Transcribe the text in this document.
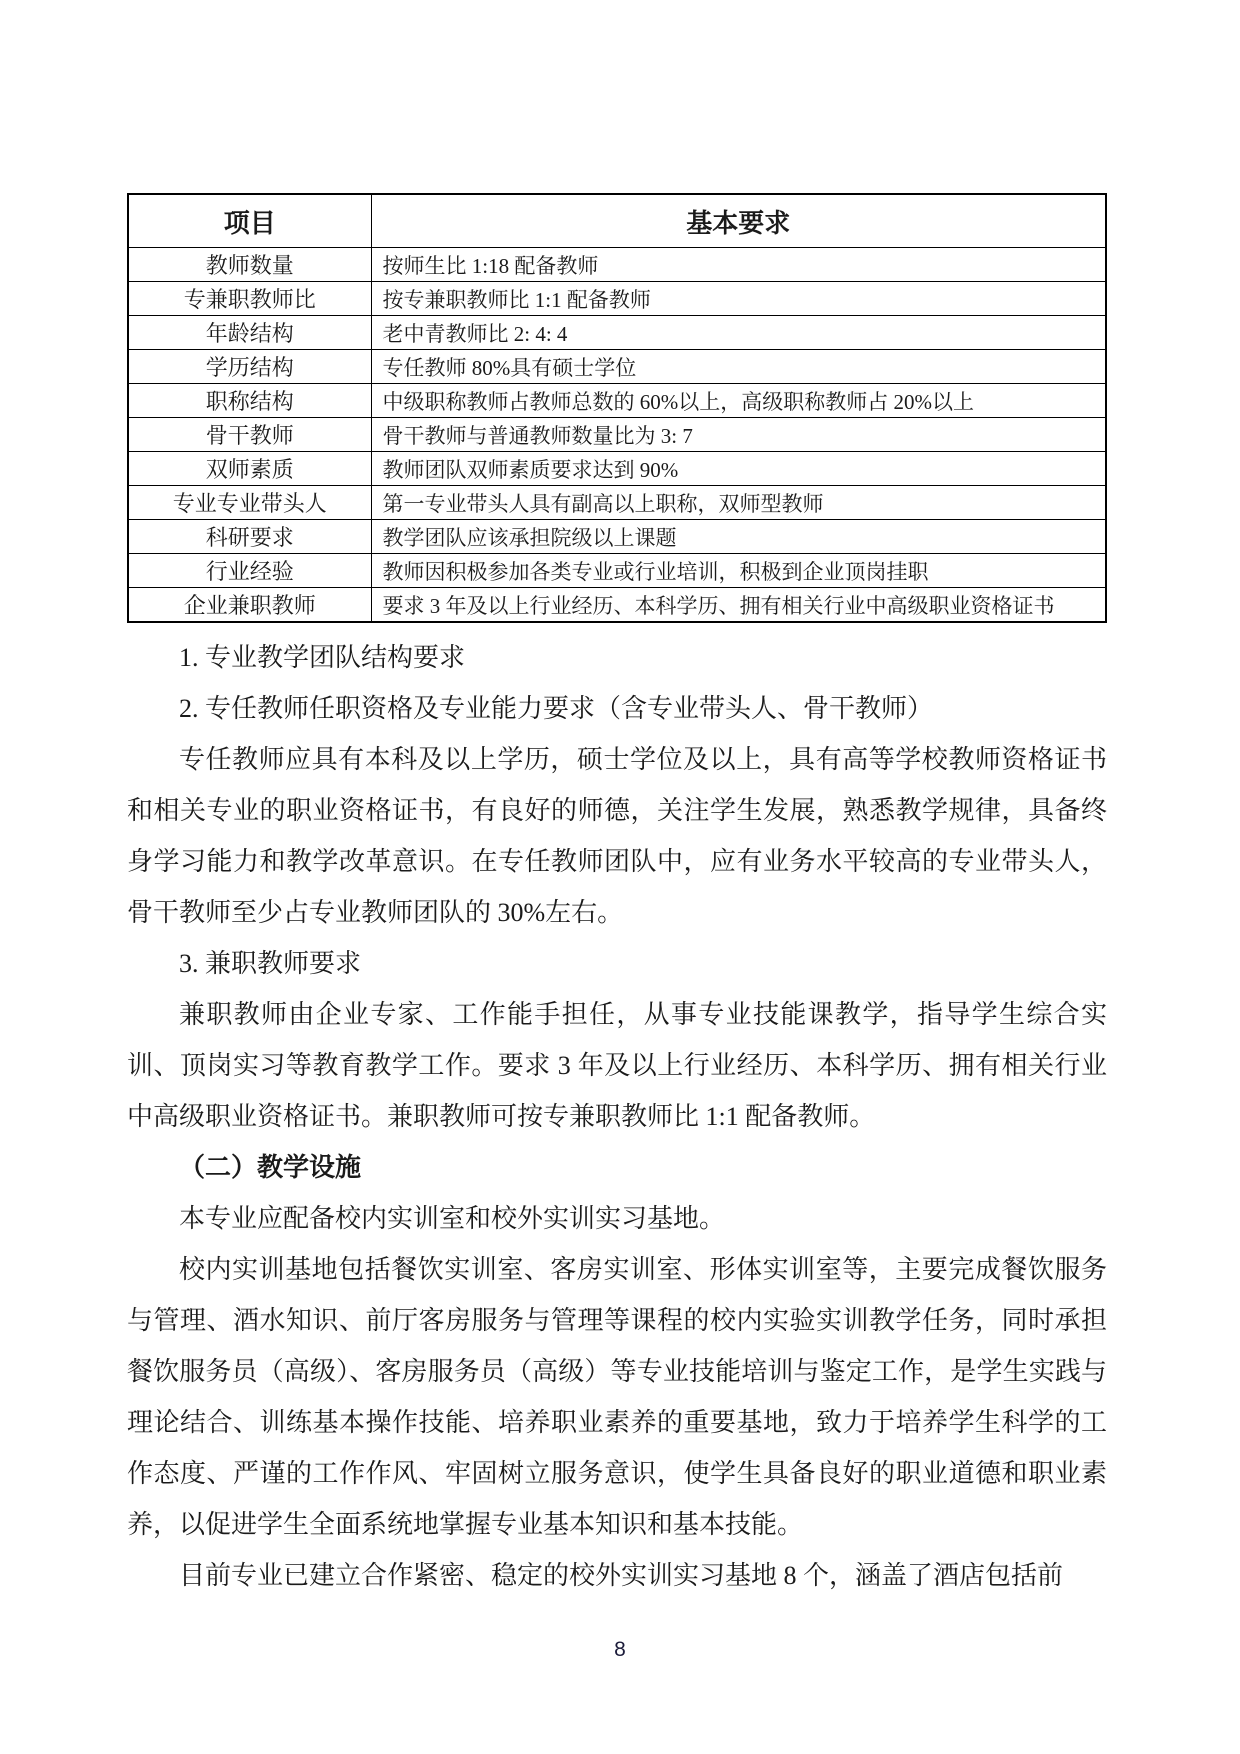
项目	基本要求
教师数量	按师生比 1:18 配备教师
专兼职教师比	按专兼职教师比 1:1 配备教师
年龄结构	老中青教师比 2: 4: 4
学历结构	专任教师 80%具有硕士学位
职称结构	中级职称教师占教师总数的 60%以上，高级职称教师占 20%以上
骨干教师	骨干教师与普通教师数量比为 3: 7
双师素质	教师团队双师素质要求达到 90%
专业专业带头人	第一专业带头人具有副高以上职称，双师型教师
科研要求	教学团队应该承担院级以上课题
行业经验	教师因积极参加各类专业或行业培训，积极到企业顶岗挂职
企业兼职教师	要求 3 年及以上行业经历、本科学历、拥有相关行业中高级职业资格证书

1. 专业教学团队结构要求

2. 专任教师任职资格及专业能力要求（含专业带头人、骨干教师）

专任教师应具有本科及以上学历，硕士学位及以上，具有高等学校教师资格证书和相关专业的职业资格证书，有良好的师德，关注学生发展，熟悉教学规律，具备终身学习能力和教学改革意识。在专任教师团队中，应有业务水平较高的专业带头人，骨干教师至少占专业教师团队的 30%左右。

3. 兼职教师要求

兼职教师由企业专家、工作能手担任，从事专业技能课教学，指导学生综合实训、顶岗实习等教育教学工作。要求 3 年及以上行业经历、本科学历、拥有相关行业中高级职业资格证书。兼职教师可按专兼职教师比 1:1 配备教师。

（二）教学设施

本专业应配备校内实训室和校外实训实习基地。

校内实训基地包括餐饮实训室、客房实训室、形体实训室等，主要完成餐饮服务与管理、酒水知识、前厅客房服务与管理等课程的校内实验实训教学任务，同时承担餐饮服务员（高级）、客房服务员（高级）等专业技能培训与鉴定工作，是学生实践与理论结合、训练基本操作技能、培养职业素养的重要基地，致力于培养学生科学的工作态度、严谨的工作作风、牢固树立服务意识，使学生具备良好的职业道德和职业素养，以促进学生全面系统地掌握专业基本知识和基本技能。

目前专业已建立合作紧密、稳定的校外实训实习基地 8 个，涵盖了酒店包括前

8
